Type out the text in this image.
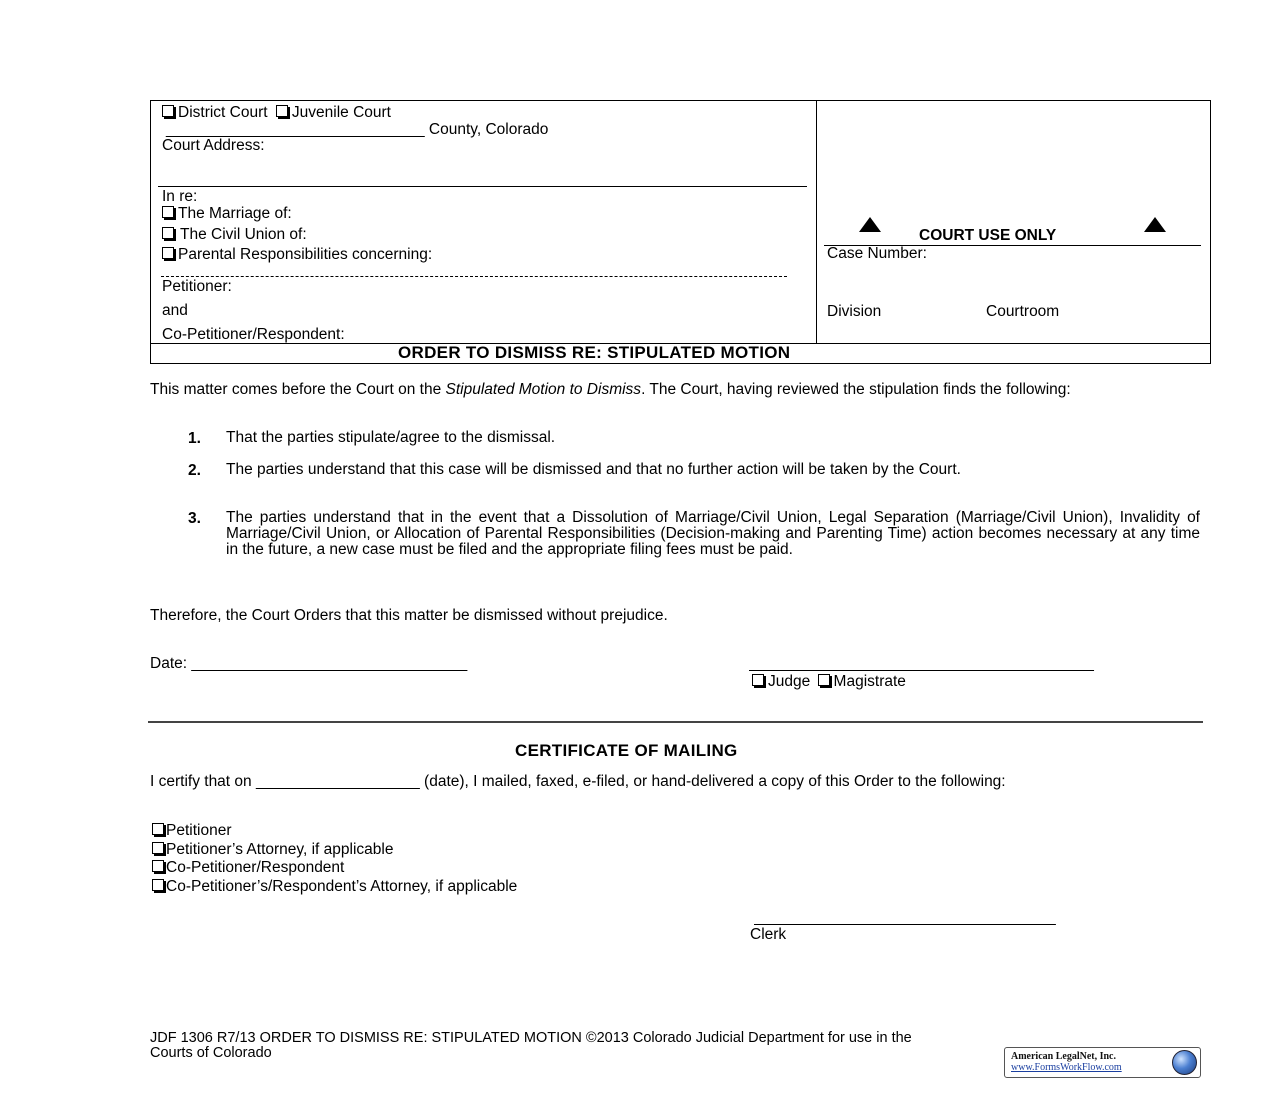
District Court Juvenile Court
______________________________ County, Colorado
Court Address:
In re:
The Marriage of:
The Civil Union of:
Parental Responsibilities concerning:
Petitioner:
and
Co-Petitioner/Respondent:
COURT USE ONLY
Case Number:
Division	Courtroom
ORDER TO DISMISS RE: STIPULATED MOTION
This matter comes before the Court on the Stipulated Motion to Dismiss. The Court, having reviewed the stipulation finds the following:
1. That the parties stipulate/agree to the dismissal.
2. The parties understand that this case will be dismissed and that no further action will be taken by the Court.
3. The parties understand that in the event that a Dissolution of Marriage/Civil Union, Legal Separation (Marriage/Civil Union), Invalidity of Marriage/Civil Union, or Allocation of Parental Responsibilities (Decision-making and Parenting Time) action becomes necessary at any time in the future, a new case must be filed and the appropriate filing fees must be paid.
Therefore, the Court Orders that this matter be dismissed without prejudice.
Date: ________________________________	________________________________________
Judge Magistrate
CERTIFICATE OF MAILING
I certify that on ___________________ (date), I mailed, faxed, e-filed, or hand-delivered a copy of this Order to the following:
Petitioner
Petitioner’s Attorney, if applicable
Co-Petitioner/Respondent
Co-Petitioner’s/Respondent’s Attorney, if applicable
___________________________________
Clerk
JDF 1306 R7/13 ORDER TO DISMISS RE: STIPULATED MOTION ©2013 Colorado Judicial Department for use in the
Courts of Colorado	American LegalNet, Inc.
www.FormsWorkFlow.com
